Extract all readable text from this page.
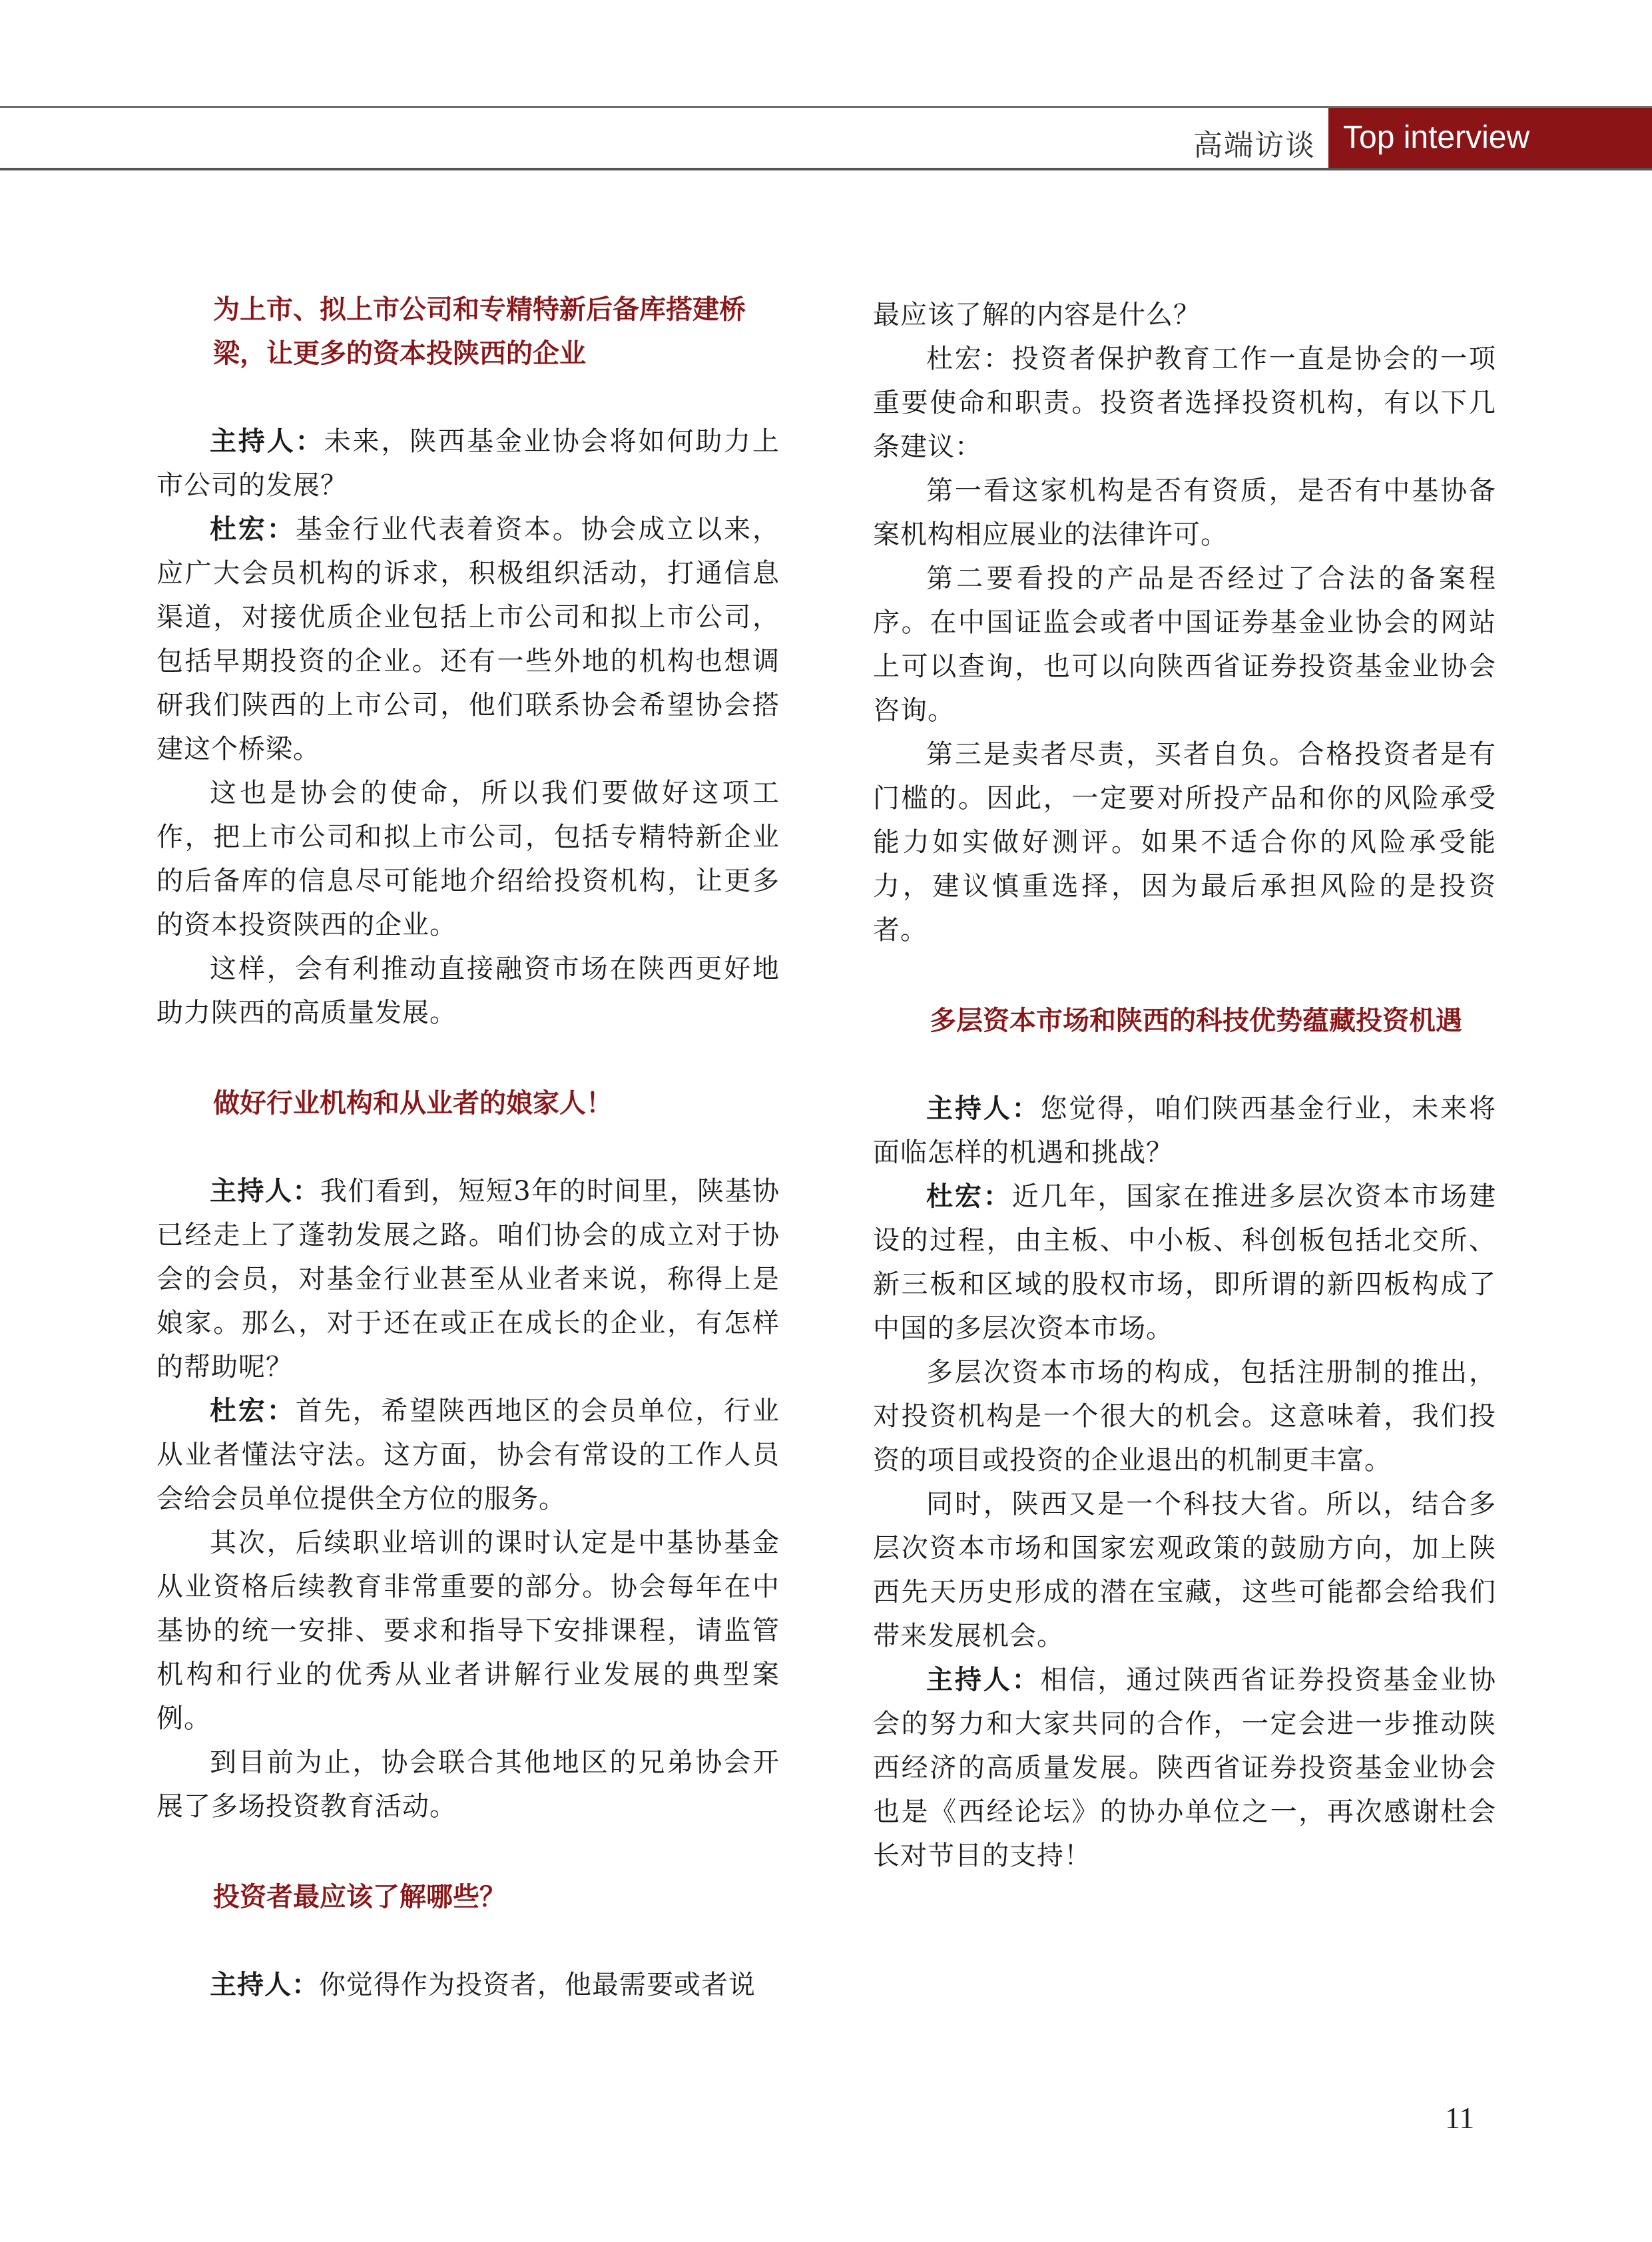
高端访谈 Top interview
为上市、拟上市公司和专精特新后备库搭建桥梁，让更多的资本投陕西的企业

主持人：未来，陕西基金业协会将如何助力上市公司的发展？

杜宏：基金行业代表着资本。协会成立以来，应广大会员机构的诉求，积极组织活动，打通信息渠道，对接优质企业包括上市公司和拟上市公司，包括早期投资的企业。还有一些外地的机构也想调研我们陕西的上市公司，他们联系协会希望协会搭建这个桥梁。

这也是协会的使命，所以我们要做好这项工作，把上市公司和拟上市公司，包括专精特新企业的后备库的信息尽可能地介绍给投资机构，让更多的资本投资陕西的企业。

这样，会有利推动直接融资市场在陕西更好地助力陕西的高质量发展。

做好行业机构和从业者的娘家人！

主持人：我们看到，短短3年的时间里，陕基协已经走上了蓬勃发展之路。咱们协会的成立对于协会的会员，对基金行业甚至从业者来说，称得上是娘家。那么，对于还在或正在成长的企业，有怎样的帮助呢？

杜宏：首先，希望陕西地区的会员单位，行业从业者懂法守法。这方面，协会有常设的工作人员会给会员单位提供全方位的服务。

其次，后续职业培训的课时认定是中基协基金从业资格后续教育非常重要的部分。协会每年在中基协的统一安排、要求和指导下安排课程，请监管机构和行业的优秀从业者讲解行业发展的典型案例。

到目前为止，协会联合其他地区的兄弟协会开展了多场投资教育活动。

投资者最应该了解哪些？

主持人：你觉得作为投资者，他最需要或者说

最应该了解的内容是什么？

杜宏：投资者保护教育工作一直是协会的一项重要使命和职责。投资者选择投资机构，有以下几条建议：

第一看这家机构是否有资质，是否有中基协备案机构相应展业的法律许可。

第二要看投的产品是否经过了合法的备案程序。在中国证监会或者中国证券基金业协会的网站上可以查询，也可以向陕西省证券投资基金业协会咨询。

第三是卖者尽责，买者自负。合格投资者是有门槛的。因此，一定要对所投产品和你的风险承受能力如实做好测评。如果不适合你的风险承受能力，建议慎重选择，因为最后承担风险的是投资者。

多层资本市场和陕西的科技优势蕴藏投资机遇

主持人：您觉得，咱们陕西基金行业，未来将面临怎样的机遇和挑战？

杜宏：近几年，国家在推进多层次资本市场建设的过程，由主板、中小板、科创板包括北交所、新三板和区域的股权市场，即所谓的新四板构成了中国的多层次资本市场。

多层次资本市场的构成，包括注册制的推出，对投资机构是一个很大的机会。这意味着，我们投资的项目或投资的企业退出的机制更丰富。

同时，陕西又是一个科技大省。所以，结合多层次资本市场和国家宏观政策的鼓励方向，加上陕西先天历史形成的潜在宝藏，这些可能都会给我们带来发展机会。

主持人：相信，通过陕西省证券投资基金业协会的努力和大家共同的合作，一定会进一步推动陕西经济的高质量发展。陕西省证券投资基金业协会也是《西经论坛》的协办单位之一，再次感谢杜会长对节目的支持！

11
